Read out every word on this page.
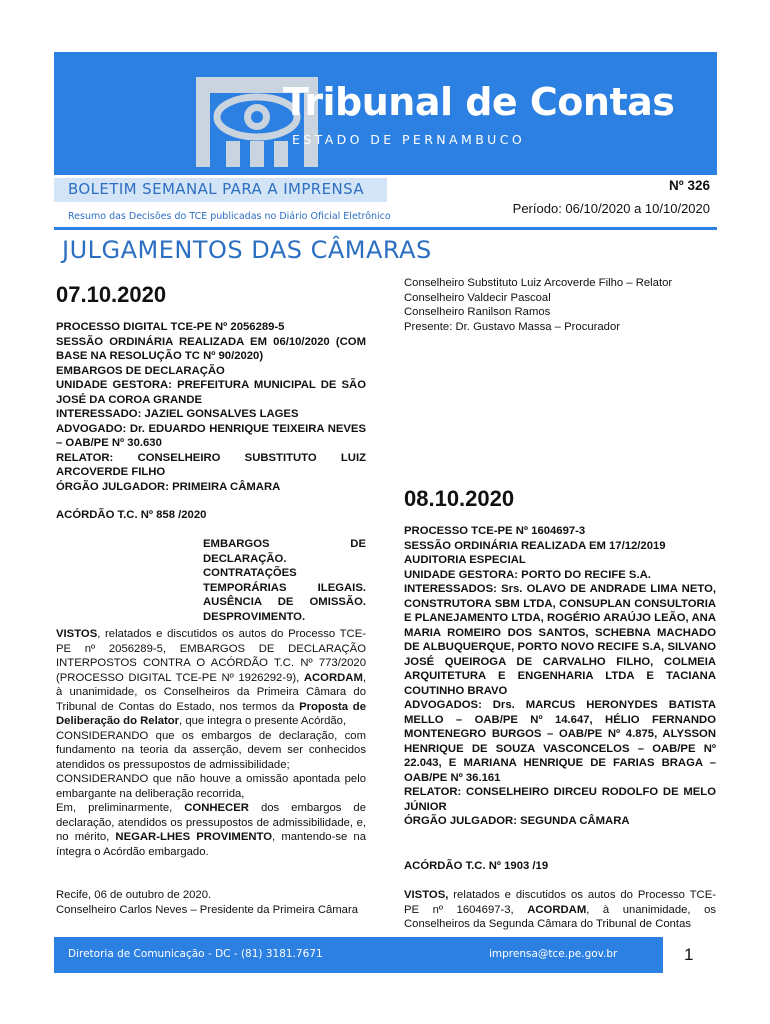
Tribunal de Contas
ESTADO DE PERNAMBUCO
BOLETIM SEMANAL PARA A IMPRENSA
Resumo das Decisões do TCE publicadas no Diário Oficial Eletrônico
Nº 326
Período: 06/10/2020 a 10/10/2020
JULGAMENTOS DAS CÂMARAS
07.10.2020
PROCESSO DIGITAL TCE-PE Nº 2056289-5
SESSÃO ORDINÁRIA REALIZADA EM 06/10/2020 (COM BASE NA RESOLUÇÃO TC Nº 90/2020)
EMBARGOS DE DECLARAÇÃO
UNIDADE GESTORA: PREFEITURA MUNICIPAL DE SÃO JOSÉ DA COROA GRANDE
INTERESSADO: JAZIEL GONSALVES LAGES
ADVOGADO: Dr. EDUARDO HENRIQUE TEIXEIRA NEVES – OAB/PE Nº 30.630
RELATOR: CONSELHEIRO SUBSTITUTO LUIZ ARCOVERDE FILHO
ÓRGÃO JULGADOR: PRIMEIRA CÂMARA
ACÓRDÃO T.C. Nº 858 /2020
EMBARGOS DE DECLARAÇÃO. CONTRATAÇÕES TEMPORÁRIAS ILEGAIS. AUSÊNCIA DE OMISSÃO. DESPROVIMENTO.
VISTOS, relatados e discutidos os autos do Processo TCE-PE nº 2056289-5, EMBARGOS DE DECLARAÇÃO INTERPOSTOS CONTRA O ACÓRDÃO T.C. Nº 773/2020 (PROCESSO DIGITAL TCE-PE Nº 1926292-9), ACORDAM, à unanimidade, os Conselheiros da Primeira Câmara do Tribunal de Contas do Estado, nos termos da Proposta de Deliberação do Relator, que integra o presente Acórdão,
CONSIDERANDO que os embargos de declaração, com fundamento na teoria da asserção, devem ser conhecidos atendidos os pressupostos de admissibilidade;
CONSIDERANDO que não houve a omissão apontada pelo embargante na deliberação recorrida,
Em, preliminarmente, CONHECER dos embargos de declaração, atendidos os pressupostos de admissibilidade, e, no mérito, NEGAR-LHES PROVIMENTO, mantendo-se na íntegra o Acórdão embargado.
Recife, 06 de outubro de 2020.
Conselheiro Carlos Neves – Presidente da Primeira Câmara
Conselheiro Substituto Luiz Arcoverde Filho – Relator
Conselheiro Valdecir Pascoal
Conselheiro Ranilson Ramos
Presente: Dr. Gustavo Massa – Procurador
08.10.2020
PROCESSO TCE-PE Nº 1604697-3
SESSÃO ORDINÁRIA REALIZADA EM 17/12/2019
AUDITORIA ESPECIAL
UNIDADE GESTORA: PORTO DO RECIFE S.A.
INTERESSADOS: Srs. OLAVO DE ANDRADE LIMA NETO, CONSTRUTORA SBM LTDA, CONSUPLAN CONSULTORIA E PLANEJAMENTO LTDA, ROGÉRIO ARAÚJO LEÃO, ANA MARIA ROMEIRO DOS SANTOS, SCHEBNA MACHADO DE ALBUQUERQUE, PORTO NOVO RECIFE S.A, SILVANO JOSÉ QUEIROGA DE CARVALHO FILHO, COLMEIA ARQUITETURA E ENGENHARIA LTDA E TACIANA COUTINHO BRAVO
ADVOGADOS: Drs. MARCUS HERONYDES BATISTA MELLO – OAB/PE Nº 14.647, HÉLIO FERNANDO MONTENEGRO BURGOS – OAB/PE Nº 4.875, ALYSSON HENRIQUE DE SOUZA VASCONCELOS – OAB/PE Nº 22.043, E MARIANA HENRIQUE DE FARIAS BRAGA – OAB/PE Nº 36.161
RELATOR: CONSELHEIRO DIRCEU RODOLFO DE MELO JÚNIOR
ÓRGÃO JULGADOR: SEGUNDA CÂMARA
ACÓRDÃO T.C. Nº 1903 /19
VISTOS, relatados e discutidos os autos do Processo TCE-PE nº 1604697-3, ACORDAM, à unanimidade, os Conselheiros da Segunda Câmara do Tribunal de Contas
Diretoria de Comunicação - DC - (81) 3181.7671	imprensa@tce.pe.gov.br	1
